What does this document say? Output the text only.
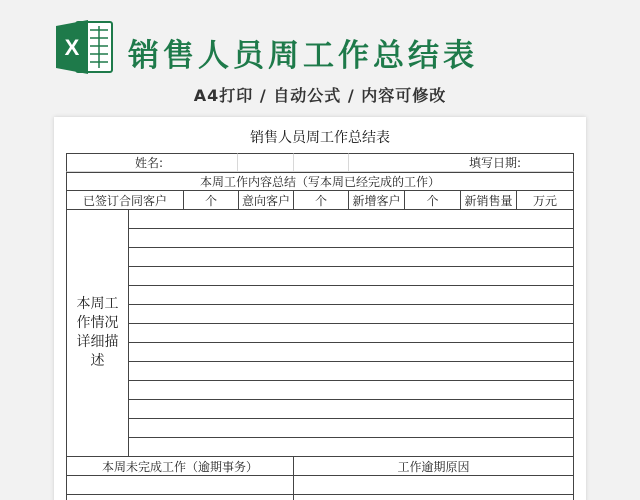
X 销售人员周工作总结表
A4打印 / 自动公式 / 内容可修改
销售人员周工作总结表
姓名:	填写日期:
本周工作内容总结（写本周已经完成的工作）
已签订合同客户	个	意向客户	个	新增客户	个	新销售量	万元
本周工作情况详细描述
本周未完成工作（逾期事务）	工作逾期原因
